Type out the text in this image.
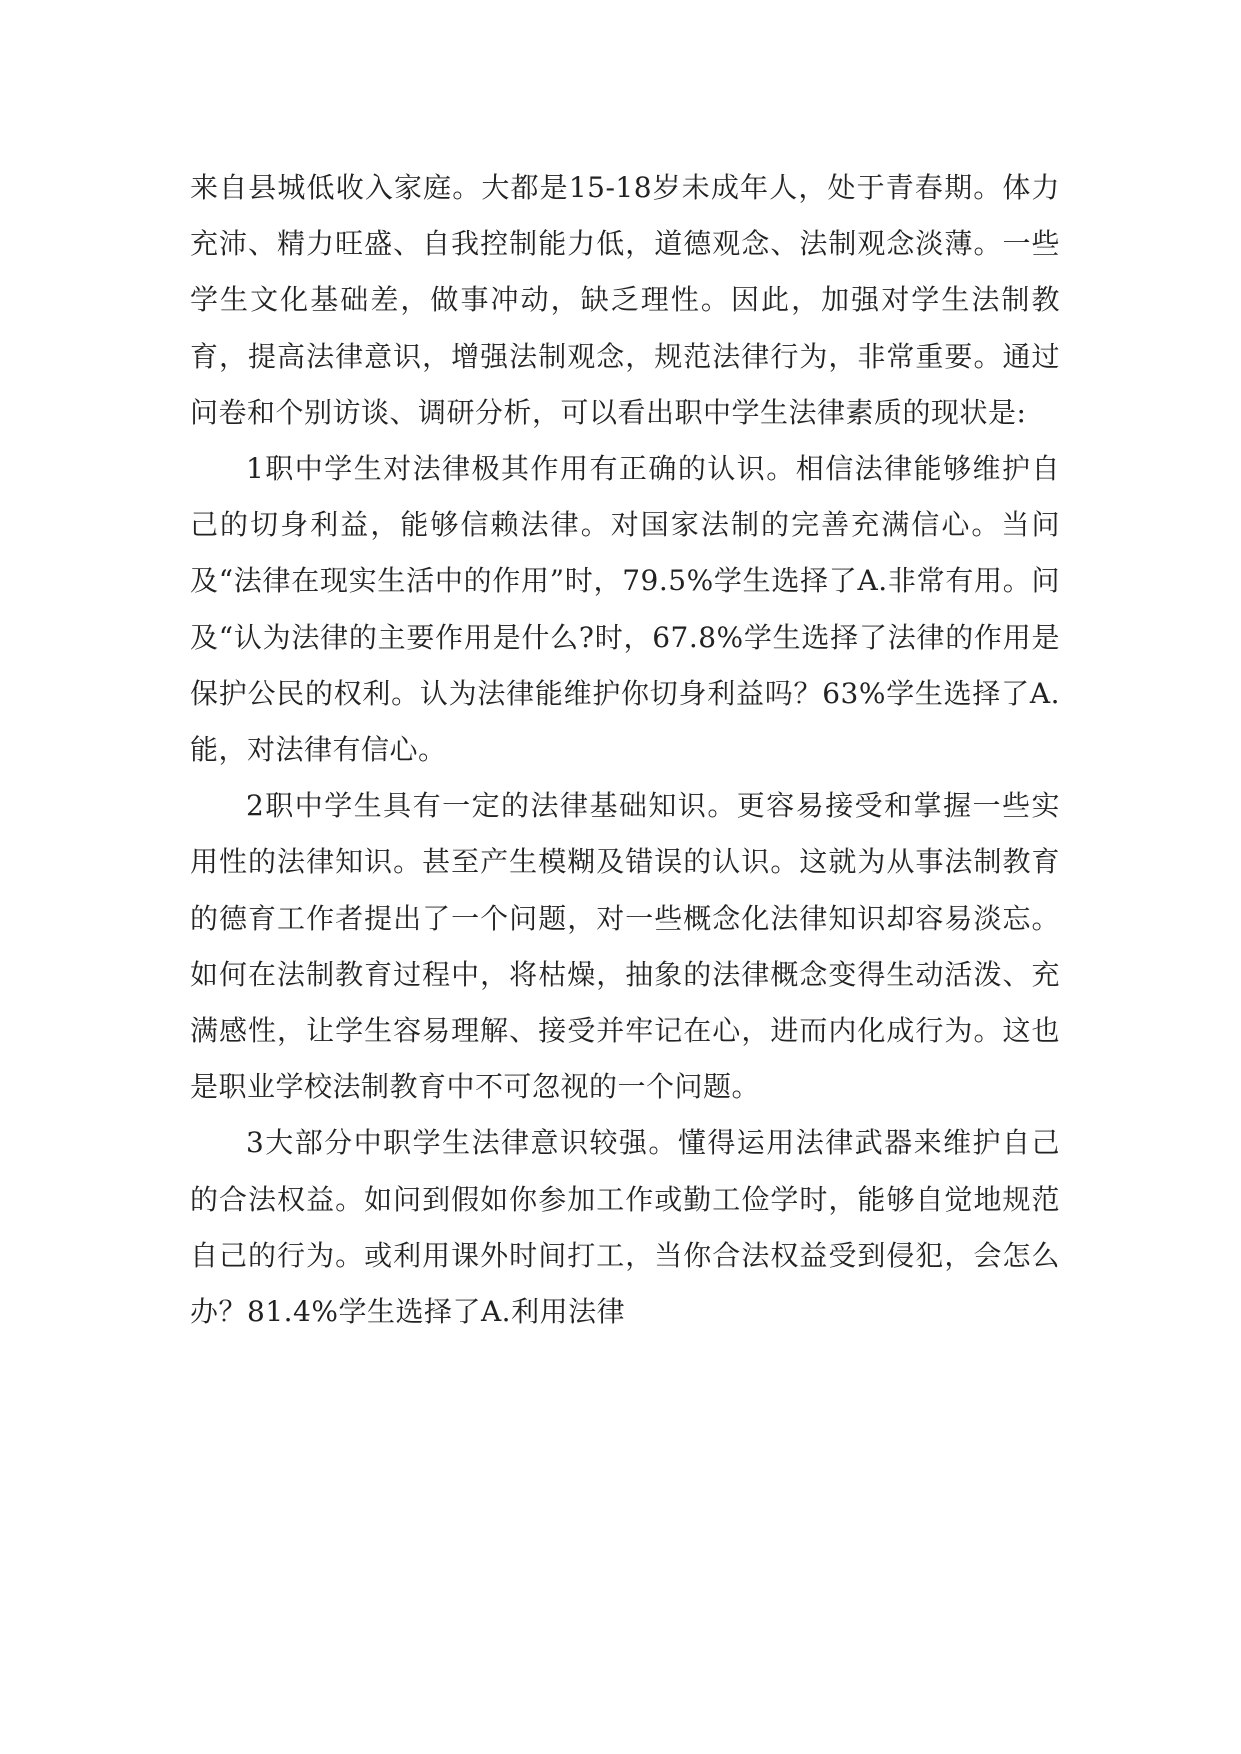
来自县城低收入家庭。大都是15-18岁未成年人，处于青春期。体力充沛、精力旺盛、自我控制能力低，道德观念、法制观念淡薄。一些学生文化基础差，做事冲动，缺乏理性。因此，加强对学生法制教育，提高法律意识，增强法制观念，规范法律行为，非常重要。通过问卷和个别访谈、调研分析，可以看出职中学生法律素质的现状是:

1职中学生对法律极其作用有正确的认识。相信法律能够维护自己的切身利益，能够信赖法律。对国家法制的完善充满信心。当问及“法律在现实生活中的作用”时，79.5%学生选择了A.非常有用。问及“认为法律的主要作用是什么?时，67.8%学生选择了法律的作用是保护公民的权利。认为法律能维护你切身利益吗？63%学生选择了A.能，对法律有信心。

2职中学生具有一定的法律基础知识。更容易接受和掌握一些实用性的法律知识。甚至产生模糊及错误的认识。这就为从事法制教育的德育工作者提出了一个问题，对一些概念化法律知识却容易淡忘。如何在法制教育过程中，将枯燥，抽象的法律概念变得生动活泼、充满感性，让学生容易理解、接受并牢记在心，进而内化成行为。这也是职业学校法制教育中不可忽视的一个问题。

3大部分中职学生法律意识较强。懂得运用法律武器来维护自己的合法权益。如问到假如你参加工作或勤工俭学时，能够自觉地规范自己的行为。或利用课外时间打工，当你合法权益受到侵犯，会怎么办？81.4%学生选择了A.利用法律
